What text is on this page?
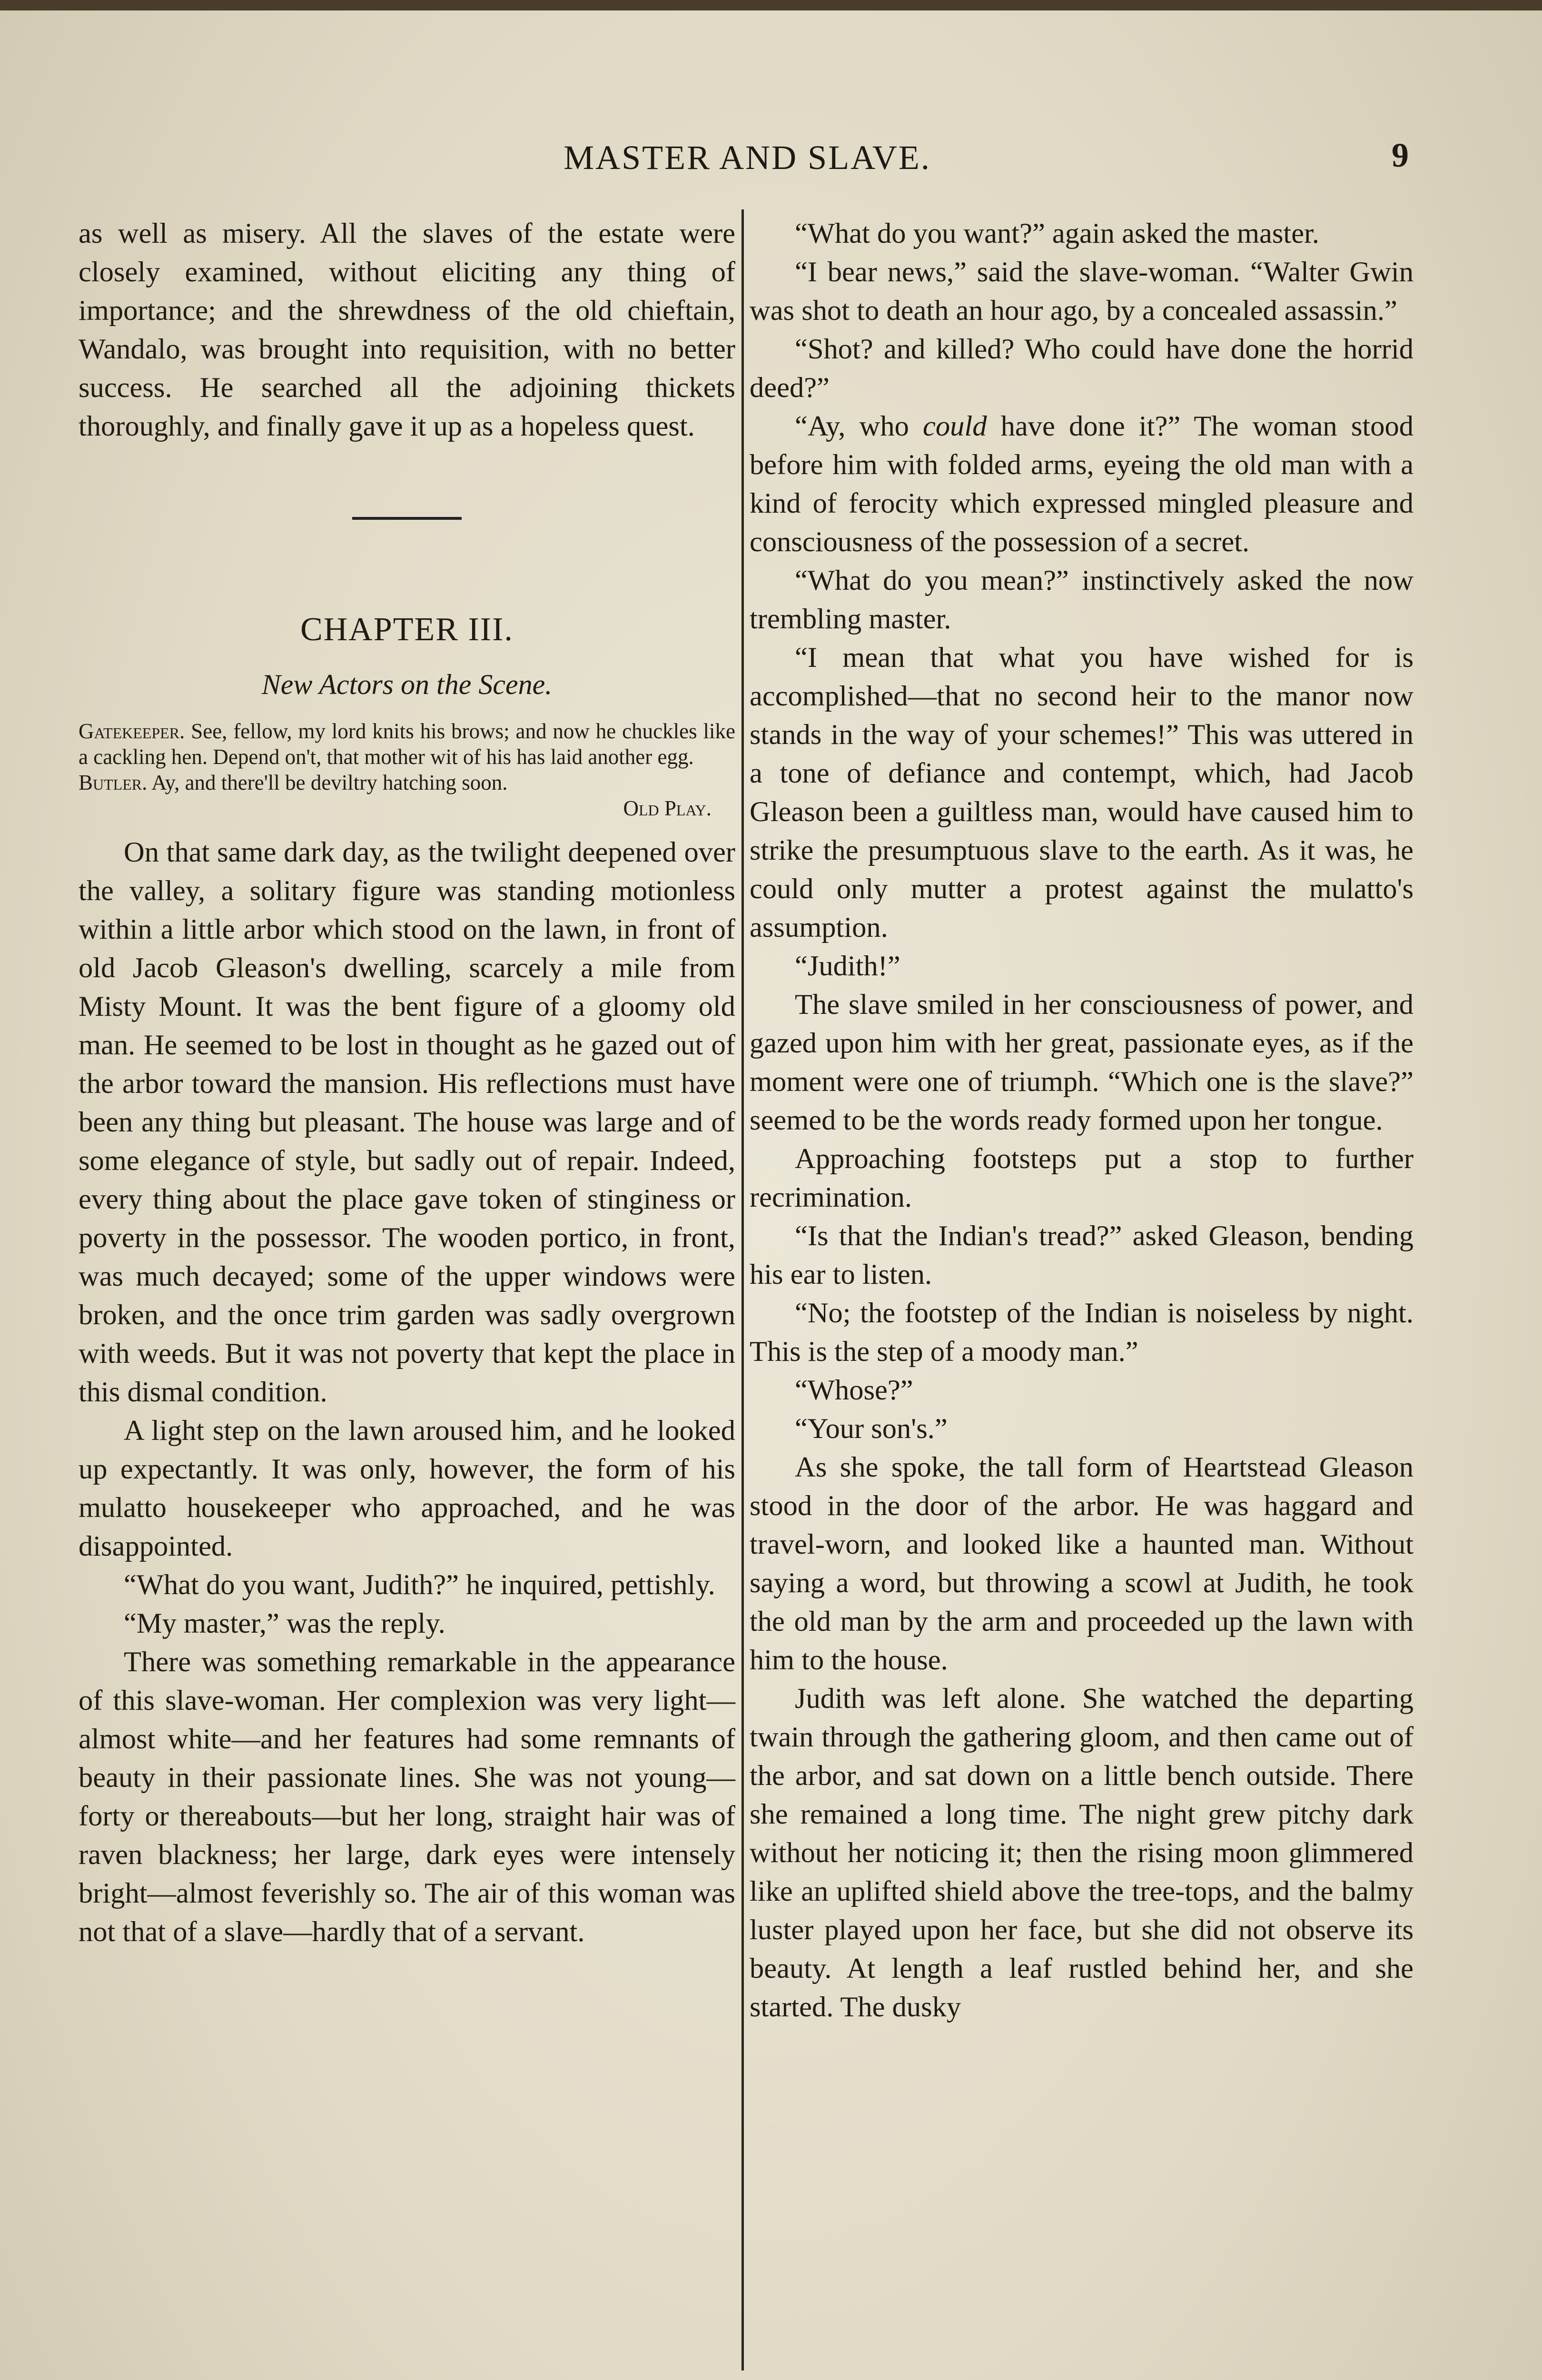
MASTER AND SLAVE.	9

as well as misery. All the slaves of the estate were closely examined, without eliciting any thing of importance; and the shrewdness of the old chieftain, Wandalo, was brought into requisition, with no better success. He searched all the adjoining thickets thoroughly, and finally gave it up as a hopeless quest.

CHAPTER III.
New Actors on the Scene.

Gatekeeper. See, fellow, my lord knits his brows; and now he chuckles like a cackling hen. Depend on't, that mother wit of his has laid another egg.

Butler. Ay, and there'll be deviltry hatching soon.

Old Play.

On that same dark day, as the twilight deepened over the valley, a solitary figure was standing motionless within a little arbor which stood on the lawn, in front of old Jacob Gleason's dwelling, scarcely a mile from Misty Mount. It was the bent figure of a gloomy old man. He seemed to be lost in thought as he gazed out of the arbor toward the mansion. His reflections must have been any thing but pleasant. The house was large and of some elegance of style, but sadly out of repair. Indeed, every thing about the place gave token of stinginess or poverty in the possessor. The wooden portico, in front, was much decayed; some of the upper windows were broken, and the once trim garden was sadly overgrown with weeds. But it was not poverty that kept the place in this dismal condition.

A light step on the lawn aroused him, and he looked up expectantly. It was only, however, the form of his mulatto housekeeper who approached, and he was disappointed.

“What do you want, Judith?” he inquired, pettishly.

“My master,” was the reply.

There was something remarkable in the appearance of this slave-woman. Her complexion was very light—almost white—and her features had some remnants of beauty in their passionate lines. She was not young—forty or thereabouts—but her long, straight hair was of raven blackness; her large, dark eyes were intensely bright—almost feverishly so. The air of this woman was not that of a slave—hardly that of a servant.

“What do you want?” again asked the master.

“I bear news,” said the slave-woman. “Walter Gwin was shot to death an hour ago, by a concealed assassin.”

“Shot? and killed? Who could have done the horrid deed?”

“Ay, who could have done it?” The woman stood before him with folded arms, eyeing the old man with a kind of ferocity which expressed mingled pleasure and consciousness of the possession of a secret.

“What do you mean?” instinctively asked the now trembling master.

“I mean that what you have wished for is accomplished—that no second heir to the manor now stands in the way of your schemes!” This was uttered in a tone of defiance and contempt, which, had Jacob Gleason been a guiltless man, would have caused him to strike the presumptuous slave to the earth. As it was, he could only mutter a protest against the mulatto's assumption.

“Judith!”

The slave smiled in her consciousness of power, and gazed upon him with her great, passionate eyes, as if the moment were one of triumph. “Which one is the slave?” seemed to be the words ready formed upon her tongue.

Approaching footsteps put a stop to further recrimination.

“Is that the Indian's tread?” asked Gleason, bending his ear to listen.

“No; the footstep of the Indian is noiseless by night. This is the step of a moody man.”

“Whose?”

“Your son's.”

As she spoke, the tall form of Heartstead Gleason stood in the door of the arbor. He was haggard and travel-worn, and looked like a haunted man. Without saying a word, but throwing a scowl at Judith, he took the old man by the arm and proceeded up the lawn with him to the house.

Judith was left alone. She watched the departing twain through the gathering gloom, and then came out of the arbor, and sat down on a little bench outside. There she remained a long time. The night grew pitchy dark without her noticing it; then the rising moon glimmered like an uplifted shield above the tree-tops, and the balmy luster played upon her face, but she did not observe its beauty. At length a leaf rustled behind her, and she started. The dusky
